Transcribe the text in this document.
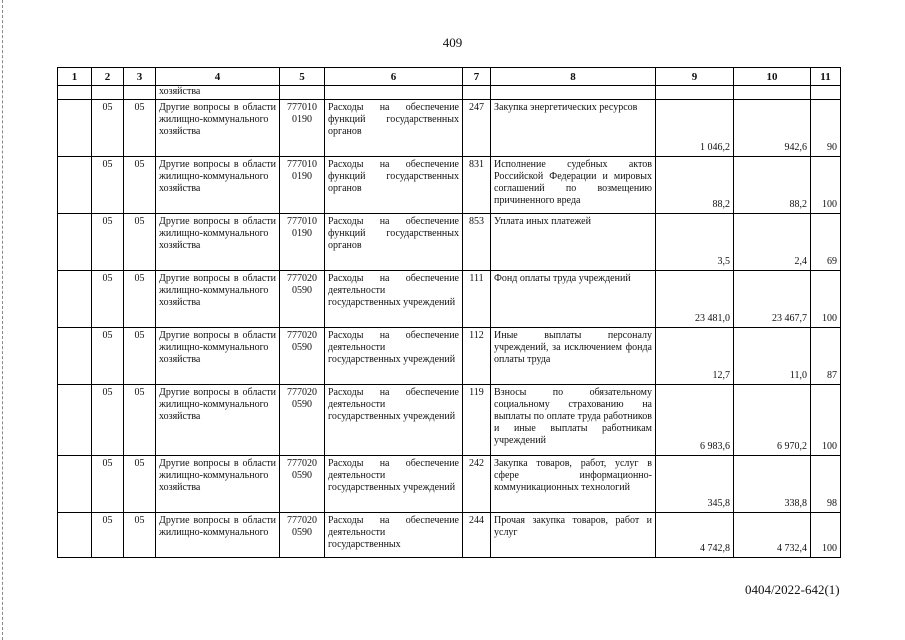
409
1	2	3	4	5	6	7	8	9	10	11
			хозяйства							
	05	05	Другие вопросы в области жилищно-коммунального хозяйства	777010 0190	Расходы на обеспечение функций государственных органов	247	Закупка энергетических ресурсов	1 046,2	942,6	90
	05	05	Другие вопросы в области жилищно-коммунального хозяйства	777010 0190	Расходы на обеспечение функций государственных органов	831	Исполнение судебных актов Российской Федерации и мировых соглашений по возмещению причиненного вреда	88,2	88,2	100
	05	05	Другие вопросы в области жилищно-коммунального хозяйства	777010 0190	Расходы на обеспечение функций государственных органов	853	Уплата иных платежей	3,5	2,4	69
	05	05	Другие вопросы в области жилищно-коммунального хозяйства	777020 0590	Расходы на обеспечение деятельности государственных учреждений	111	Фонд оплаты труда учреждений	23 481,0	23 467,7	100
	05	05	Другие вопросы в области жилищно-коммунального хозяйства	777020 0590	Расходы на обеспечение деятельности государственных учреждений	112	Иные выплаты персоналу учреждений, за исключением фонда оплаты труда	12,7	11,0	87
	05	05	Другие вопросы в области жилищно-коммунального хозяйства	777020 0590	Расходы на обеспечение деятельности государственных учреждений	119	Взносы по обязательному социальному страхованию на выплаты по оплате труда работников и иные выплаты работникам учреждений	6 983,6	6 970,2	100
	05	05	Другие вопросы в области жилищно-коммунального хозяйства	777020 0590	Расходы на обеспечение деятельности государственных учреждений	242	Закупка товаров, работ, услуг в сфере информационно-коммуникационных технологий	345,8	338,8	98
	05	05	Другие вопросы в области жилищно-коммунального	777020 0590	Расходы на обеспечение деятельности государственных	244	Прочая закупка товаров, работ и услуг	4 742,8	4 732,4	100
0404/2022-642(1)
